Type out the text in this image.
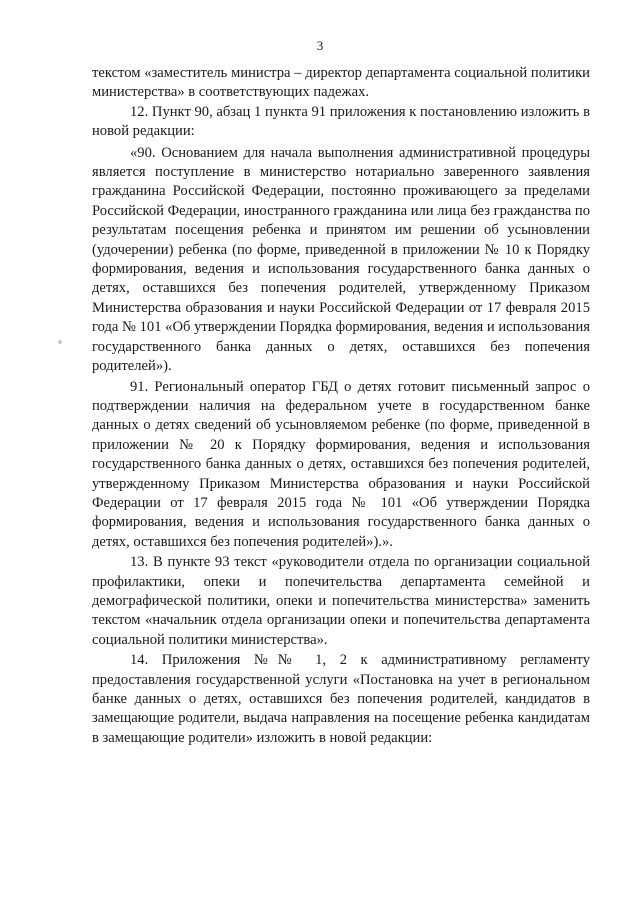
3

текстом «заместитель министра – директор департамента социальной политики министерства» в соответствующих падежах.

12. Пункт 90, абзац 1 пункта 91 приложения к постановлению изложить в новой редакции:

«90. Основанием для начала выполнения административной процедуры является поступление в министерство нотариально заверенного заявления гражданина Российской Федерации, постоянно проживающего за пределами Российской Федерации, иностранного гражданина или лица без гражданства по результатам посещения ребенка и принятом им решении об усыновлении (удочерении) ребенка (по форме, приведенной в приложении № 10 к Порядку формирования, ведения и использования государственного банка данных о детях, оставшихся без попечения родителей, утвержденному Приказом Министерства образования и науки Российской Федерации от 17 февраля 2015 года № 101 «Об утверждении Порядка формирования, ведения и использования государственного банка данных о детях, оставшихся без попечения родителей»).

91. Региональный оператор ГБД о детях готовит письменный запрос о подтверждении наличия на федеральном учете в государственном банке данных о детях сведений об усыновляемом ребенке (по форме, приведенной в приложении № 20 к Порядку формирования, ведения и использования государственного банка данных о детях, оставшихся без попечения родителей, утвержденному Приказом Министерства образования и науки Российской Федерации от 17 февраля 2015 года № 101 «Об утверждении Порядка формирования, ведения и использования государственного банка данных о детях, оставшихся без попечения родителей»).».

13. В пункте 93 текст «руководители отдела по организации социальной профилактики, опеки и попечительства департамента семейной и демографической политики, опеки и попечительства министерства» заменить текстом «начальник отдела организации опеки и попечительства департамента социальной политики министерства».

14. Приложения №№ 1, 2 к административному регламенту предоставления государственной услуги «Постановка на учет в региональном банке данных о детях, оставшихся без попечения родителей, кандидатов в замещающие родители, выдача направления на посещение ребенка кандидатам в замещающие родители» изложить в новой редакции:
